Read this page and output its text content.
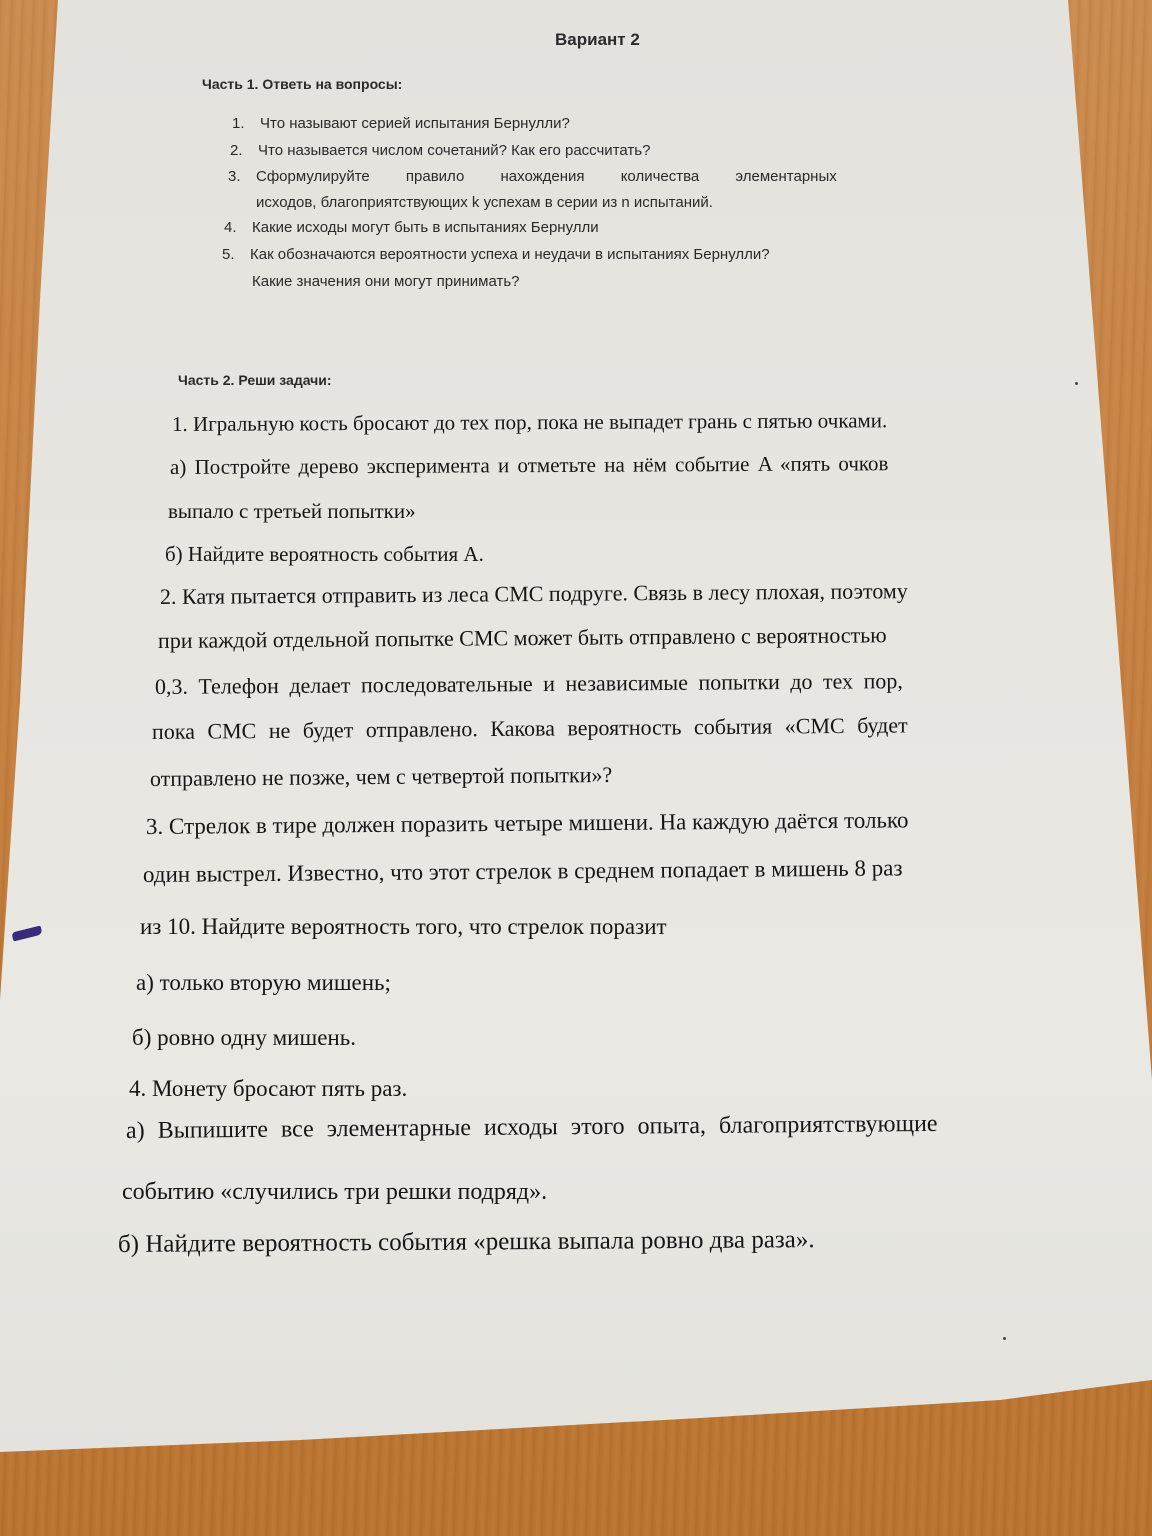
Вариант 2
Часть 1. Ответь на вопросы:
1. Что называют серией испытания Бернулли?
2. Что называется числом сочетаний? Как его рассчитать?
3. Сформулируйте правило нахождения количества элементарных
исходов, благоприятствующих k успехам в серии из n испытаний.
4. Какие исходы могут быть в испытаниях Бернулли
5. Как обозначаются вероятности успеха и неудачи в испытаниях Бернулли?
Какие значения они могут принимать?
Часть 2. Реши задачи:
1. Игральную кость бросают до тех пор, пока не выпадет грань с пятью очками.
а) Постройте дерево эксперимента и отметьте на нём событие A «пять очков
выпало с третьей попытки»
б) Найдите вероятность события А.
2. Катя пытается отправить из леса СМС подруге. Связь в лесу плохая, поэтому
при каждой отдельной попытке СМС может быть отправлено с вероятностью
0,3. Телефон делает последовательные и независимые попытки до тех пор,
пока СМС не будет отправлено. Какова вероятность события «СМС будет
отправлено не позже, чем с четвертой попытки»?
3. Стрелок в тире должен поразить четыре мишени. На каждую даётся только
один выстрел. Известно, что этот стрелок в среднем попадает в мишень 8 раз
из 10. Найдите вероятность того, что стрелок поразит
а) только вторую мишень;
б) ровно одну мишень.
4. Монету бросают пять раз.
а) Выпишите все элементарные исходы этого опыта, благоприятствующие
событию «случились три решки подряд».
б) Найдите вероятность события «решка выпала ровно два раза».
